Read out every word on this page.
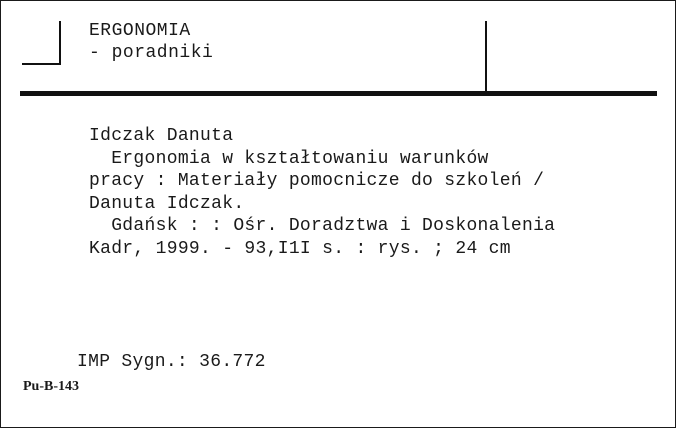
ERGONOMIA
- poradniki
Idczak Danuta
Ergonomia w kształtowaniu warunków
pracy : Materiały pomocnicze do szkoleń /
Danuta Idczak.
Gdańsk : : Ośr. Doradztwa i Doskonalenia
Kadr, 1999. - 93,I1I s. : rys. ; 24 cm
IMP Sygn.: 36.772
Pu-B-143
